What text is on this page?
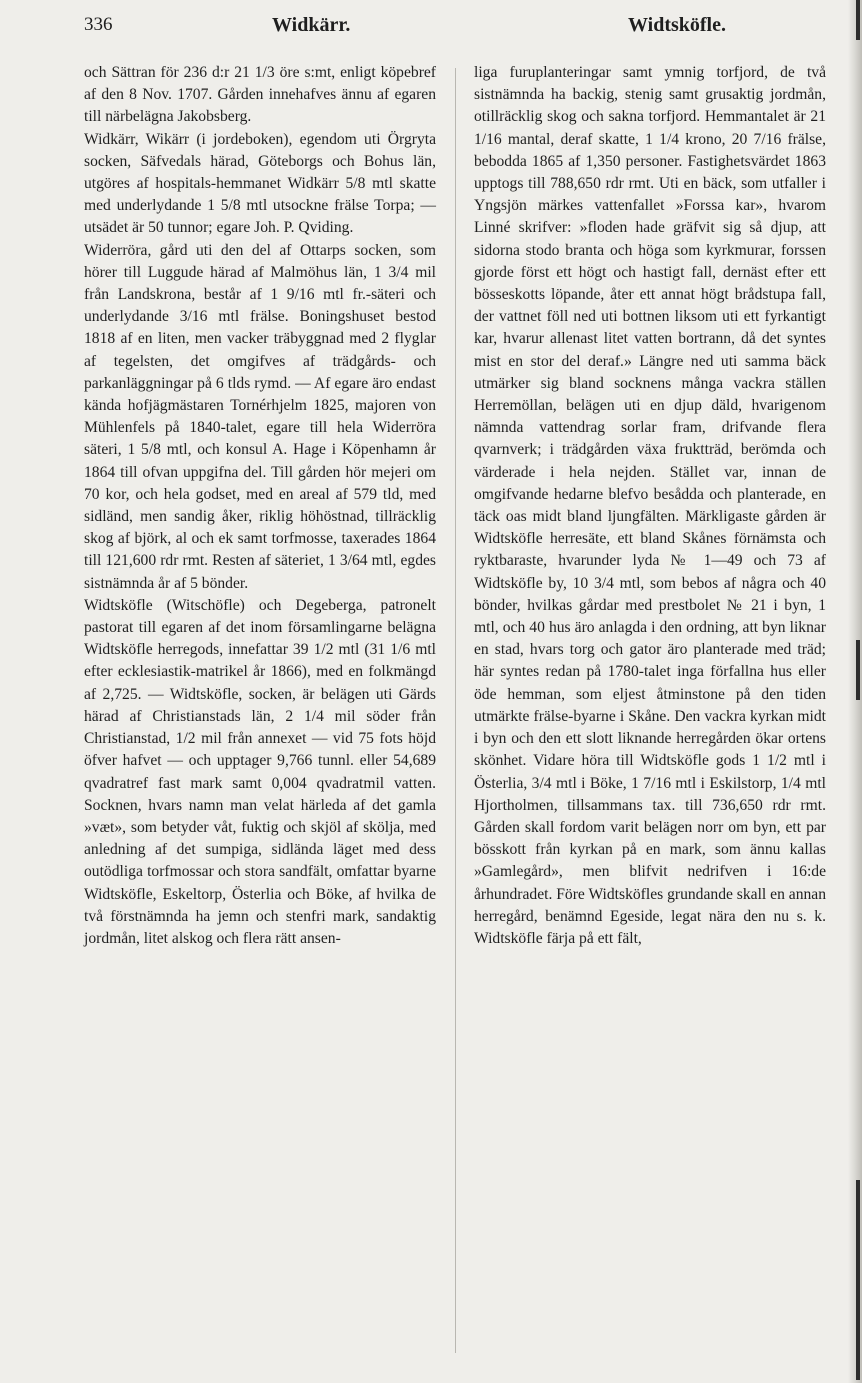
336	Widkärr.	Widtsköfle.

och Sättran för 236 d:r 21 1/3 öre s:mt, enligt köpebref af den 8 Nov. 1707. Gården innehafves ännu af egaren till närbelägna Jakobsberg.

Widkärr, Wikärr (i jordeboken), egendom uti Örgryta socken, Säfvedals härad, Göteborgs och Bohus län, utgöres af hospitals-hemmanet Widkärr 5/8 mtl skatte med underlydande 1 5/8 mtl utsockne frälse Torpa; — utsädet är 50 tunnor; egare Joh. P. Qviding.

Widerröra, gård uti den del af Ottarps socken, som hörer till Luggude härad af Malmöhus län, 1 3/4 mil från Landskrona, består af 1 9/16 mtl fr.-säteri och underlydande 3/16 mtl frälse. Boningshuset bestod 1818 af en liten, men vacker träbyggnad med 2 flyglar af tegelsten, det omgifves af trädgårds- och parkanläggningar på 6 tlds rymd. — Af egare äro endast kända hofjägmästaren Tornérhjelm 1825, majoren von Mühlenfels på 1840-talet, egare till hela Widerröra säteri, 1 5/8 mtl, och konsul A. Hage i Köpenhamn år 1864 till ofvan uppgifna del. Till gården hör mejeri om 70 kor, och hela godset, med en areal af 579 tld, med sidländ, men sandig åker, riklig höhöstnad, tillräcklig skog af björk, al och ek samt torfmosse, taxerades 1864 till 121,600 rdr rmt. Resten af säteriet, 1 3/64 mtl, egdes sistnämnda år af 5 bönder.

Widtsköfle (Witschöfle) och Degeberga, patronelt pastorat till egaren af det inom församlingarne belägna Widtsköfle herregods, innefattar 39 1/2 mtl (31 1/6 mtl efter ecklesiastik-matrikel år 1866), med en folkmängd af 2,725. — Widtsköfle, socken, är belägen uti Gärds härad af Christianstads län, 2 1/4 mil söder från Christianstad, 1/2 mil från annexet — vid 75 fots höjd öfver hafvet — och upptager 9,766 tunnl. eller 54,689 qvadratref fast mark samt 0,004 qvadratmil vatten. Socknen, hvars namn man velat härleda af det gamla »væt», som betyder våt, fuktig och skjöl af skölja, med anledning af det sumpiga, sidlända läget med dess outödliga torfmossar och stora sandfält, omfattar byarne Widtsköfle, Eskeltorp, Österlia och Böke, af hvilka de två förstnämnda ha jemn och stenfri mark, sandaktig jordmån, litet alskog och flera rätt ansen-

liga furuplanteringar samt ymnig torfjord, de två sistnämnda ha backig, stenig samt grusaktig jordmån, otillräcklig skog och sakna torfjord. Hemmantalet är 21 1/16 mantal, deraf skatte, 1 1/4 krono, 20 7/16 frälse, bebodda 1865 af 1,350 personer. Fastighetsvärdet 1863 upptogs till 788,650 rdr rmt. Uti en bäck, som utfaller i Yngsjön märkes vattenfallet »Forssa kar», hvarom Linné skrifver: »floden hade gräfvit sig så djup, att sidorna stodo branta och höga som kyrkmurar, forssen gjorde först ett högt och hastigt fall, dernäst efter ett bösseskotts löpande, åter ett annat högt brådstupa fall, der vattnet föll ned uti bottnen liksom uti ett fyrkantigt kar, hvarur allenast litet vatten bortrann, då det syntes mist en stor del deraf.» Längre ned uti samma bäck utmärker sig bland socknens många vackra ställen Herremöllan, belägen uti en djup däld, hvarigenom nämnda vattendrag sorlar fram, drifvande flera qvarnverk; i trädgården växa fruktträd, berömda och värderade i hela nejden. Stället var, innan de omgifvande hedarne blefvo besådda och planterade, en täck oas midt bland ljungfälten. Märkligaste gården är Widtsköfle herresäte, ett bland Skånes förnämsta och ryktbaraste, hvarunder lyda № 1—49 och 73 af Widtsköfle by, 10 3/4 mtl, som bebos af några och 40 bönder, hvilkas gårdar med prestbolet № 21 i byn, 1 mtl, och 40 hus äro anlagda i den ordning, att byn liknar en stad, hvars torg och gator äro planterade med träd; här syntes redan på 1780-talet inga förfallna hus eller öde hemman, som eljest åtminstone på den tiden utmärkte frälse-byarne i Skåne. Den vackra kyrkan midt i byn och den ett slott liknande herregården ökar ortens skönhet. Vidare höra till Widtsköfle gods 1 1/2 mtl i Österlia, 3/4 mtl i Böke, 1 7/16 mtl i Eskilstorp, 1/4 mtl Hjortholmen, tillsammans tax. till 736,650 rdr rmt. Gården skall fordom varit belägen norr om byn, ett par bösskott från kyrkan på en mark, som ännu kallas »Gamlegård», men blifvit nedrifven i 16:de århundradet. Före Widtsköfles grundande skall en annan herregård, benämnd Egeside, legat nära den nu s. k. Widtsköfle färja på ett fält,
